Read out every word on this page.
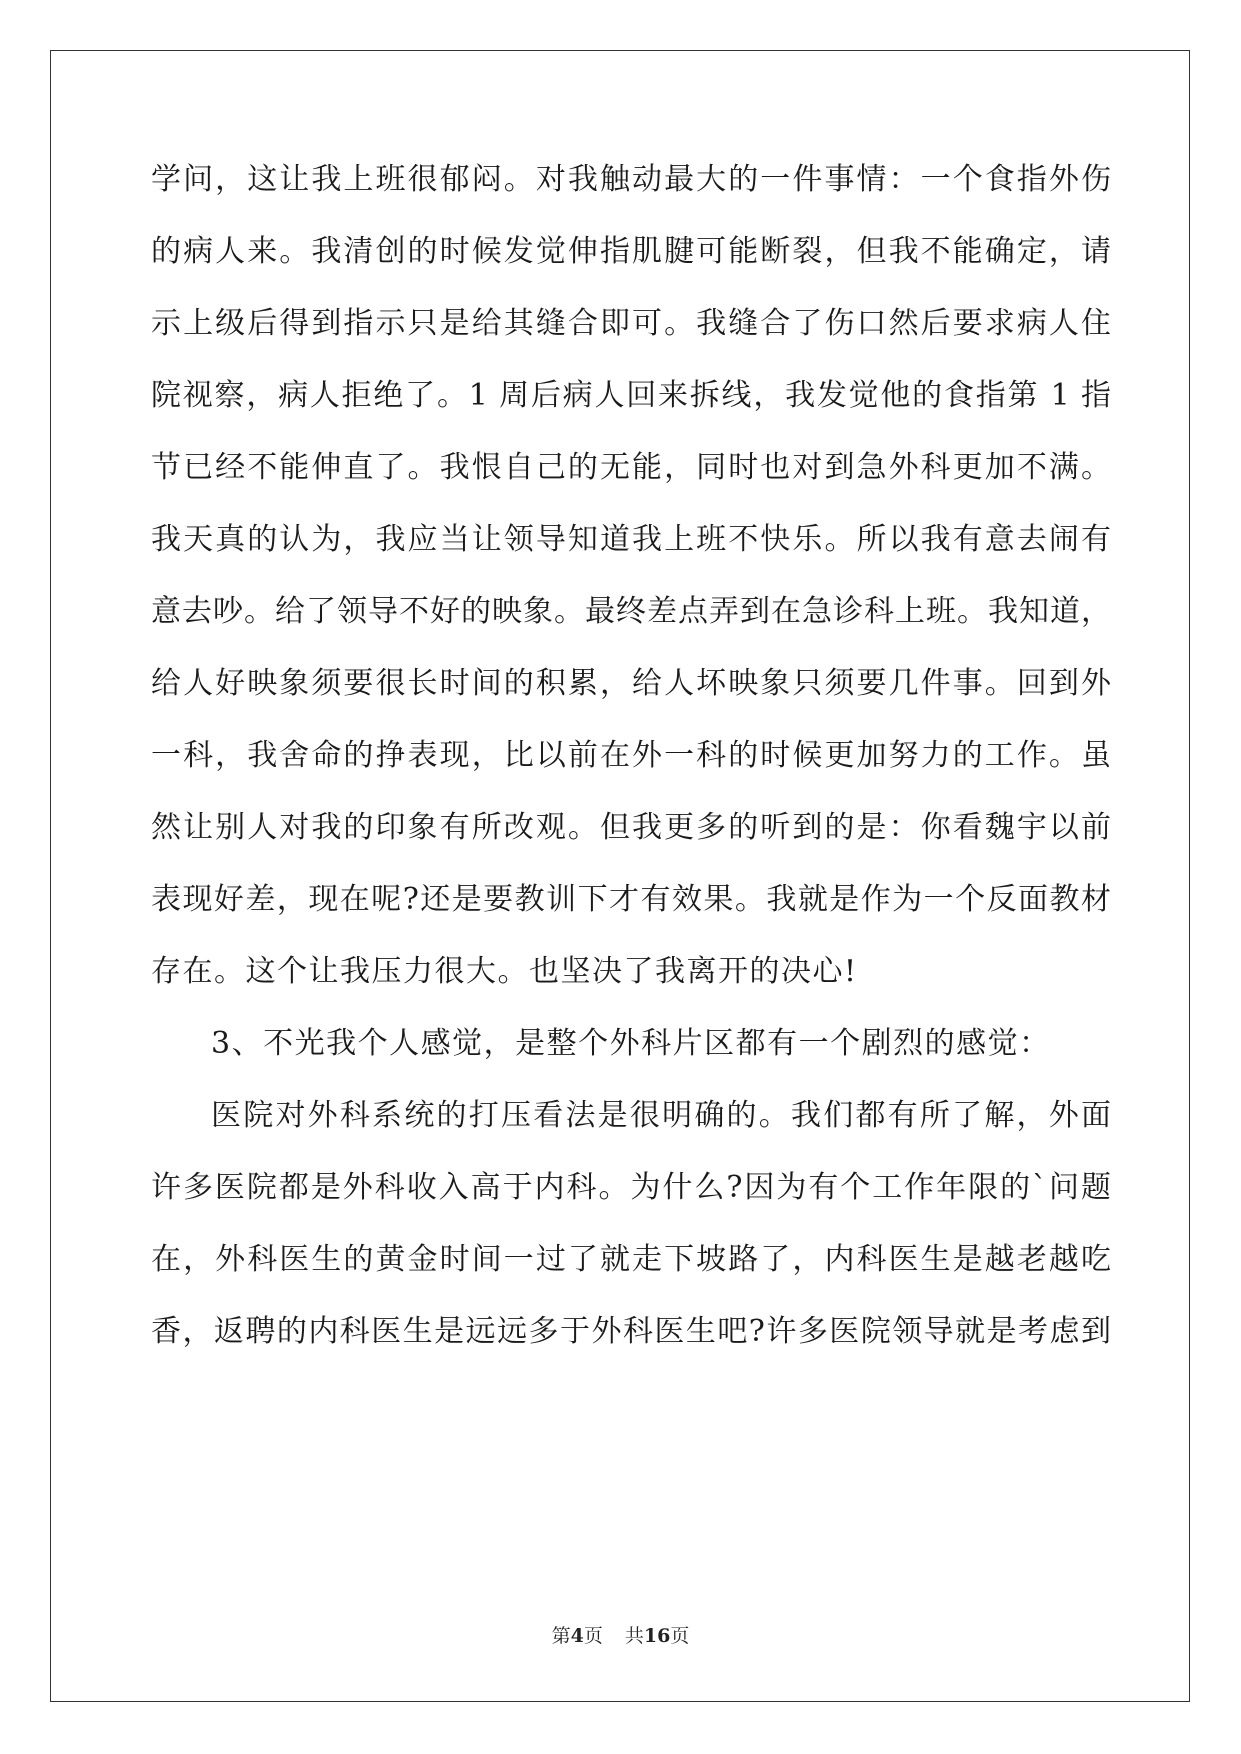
学问，这让我上班很郁闷。对我触动最大的一件事情：一个食指外伤
的病人来。我清创的时候发觉伸指肌腱可能断裂，但我不能确定，请
示上级后得到指示只是给其缝合即可。我缝合了伤口然后要求病人住
院视察，病人拒绝了。1 周后病人回来拆线，我发觉他的食指第 1 指
节已经不能伸直了。我恨自己的无能，同时也对到急外科更加不满。
我天真的认为，我应当让领导知道我上班不快乐。所以我有意去闹有
意去吵。给了领导不好的映象。最终差点弄到在急诊科上班。我知道，
给人好映象须要很长时间的积累，给人坏映象只须要几件事。回到外
一科，我舍命的挣表现，比以前在外一科的时候更加努力的工作。虽
然让别人对我的印象有所改观。但我更多的听到的是：你看魏宇以前
表现好差，现在呢?还是要教训下才有效果。我就是作为一个反面教材
存在。这个让我压力很大。也坚决了我离开的决心!
3、不光我个人感觉，是整个外科片区都有一个剧烈的感觉：
医院对外科系统的打压看法是很明确的。我们都有所了解，外面
许多医院都是外科收入高于内科。为什么?因为有个工作年限的`问题
在，外科医生的黄金时间一过了就走下坡路了，内科医生是越老越吃
香，返聘的内科医生是远远多于外科医生吧?许多医院领导就是考虑到
第4页 共16页
